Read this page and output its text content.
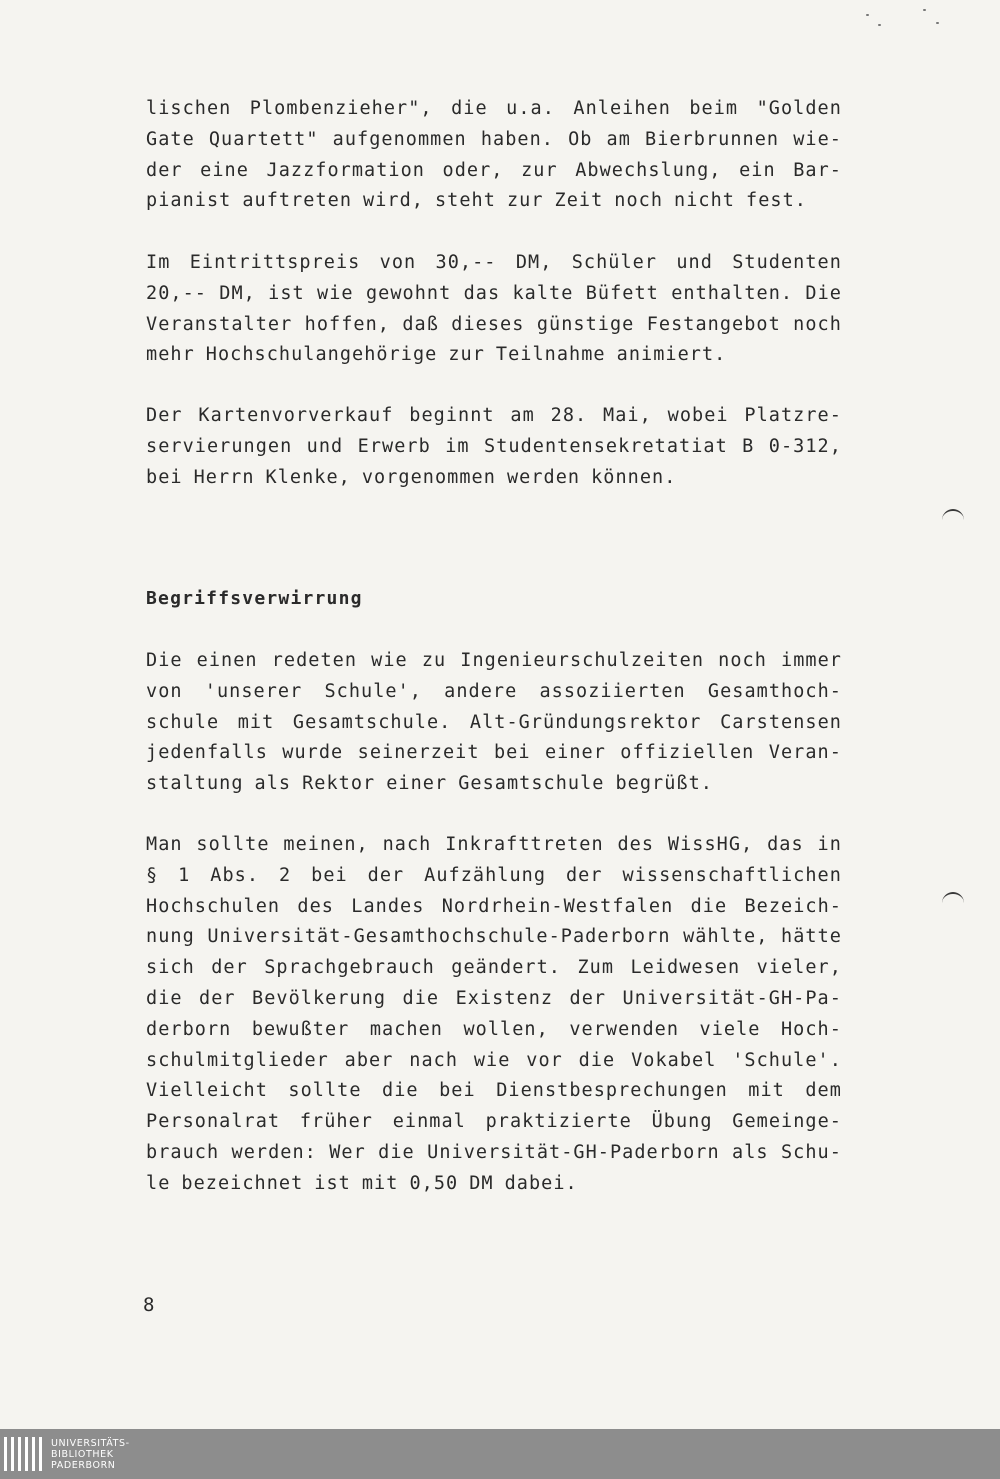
lischen Plombenzieher", die u.a. Anleihen beim "Golden
Gate Quartett" aufgenommen haben. Ob am Bierbrunnen wie-
der eine Jazzformation oder, zur Abwechslung, ein Bar-
pianist auftreten wird, steht zur Zeit noch nicht fest.
Im Eintrittspreis von 30,-- DM, Schüler und Studenten
20,-- DM, ist wie gewohnt das kalte Büfett enthalten. Die
Veranstalter hoffen, daß dieses günstige Festangebot noch
mehr Hochschulangehörige zur Teilnahme animiert.
Der Kartenvorverkauf beginnt am 28. Mai, wobei Platzre-
servierungen und Erwerb im Studentensekretatiat B 0-312,
bei Herrn Klenke, vorgenommen werden können.
Begriffsverwirrung
Die einen redeten wie zu Ingenieurschulzeiten noch immer
von 'unserer Schule', andere assoziierten Gesamthoch-
schule mit Gesamtschule. Alt-Gründungsrektor Carstensen
jedenfalls wurde seinerzeit bei einer offiziellen Veran-
staltung als Rektor einer Gesamtschule begrüßt.
Man sollte meinen, nach Inkrafttreten des WissHG, das in
§ 1 Abs. 2 bei der Aufzählung der wissenschaftlichen
Hochschulen des Landes Nordrhein-Westfalen die Bezeich-
nung Universität-Gesamthochschule-Paderborn wählte, hätte
sich der Sprachgebrauch geändert. Zum Leidwesen vieler,
die der Bevölkerung die Existenz der Universität-GH-Pa-
derborn bewußter machen wollen, verwenden viele Hoch-
schulmitglieder aber nach wie vor die Vokabel 'Schule'.
Vielleicht sollte die bei Dienstbesprechungen mit dem
Personalrat früher einmal praktizierte Übung Gemeinge-
brauch werden: Wer die Universität-GH-Paderborn als Schu-
le bezeichnet ist mit 0,50 DM dabei.
8
UNIVERSITÄTS-
BIBLIOTHEK
PADERBORN
